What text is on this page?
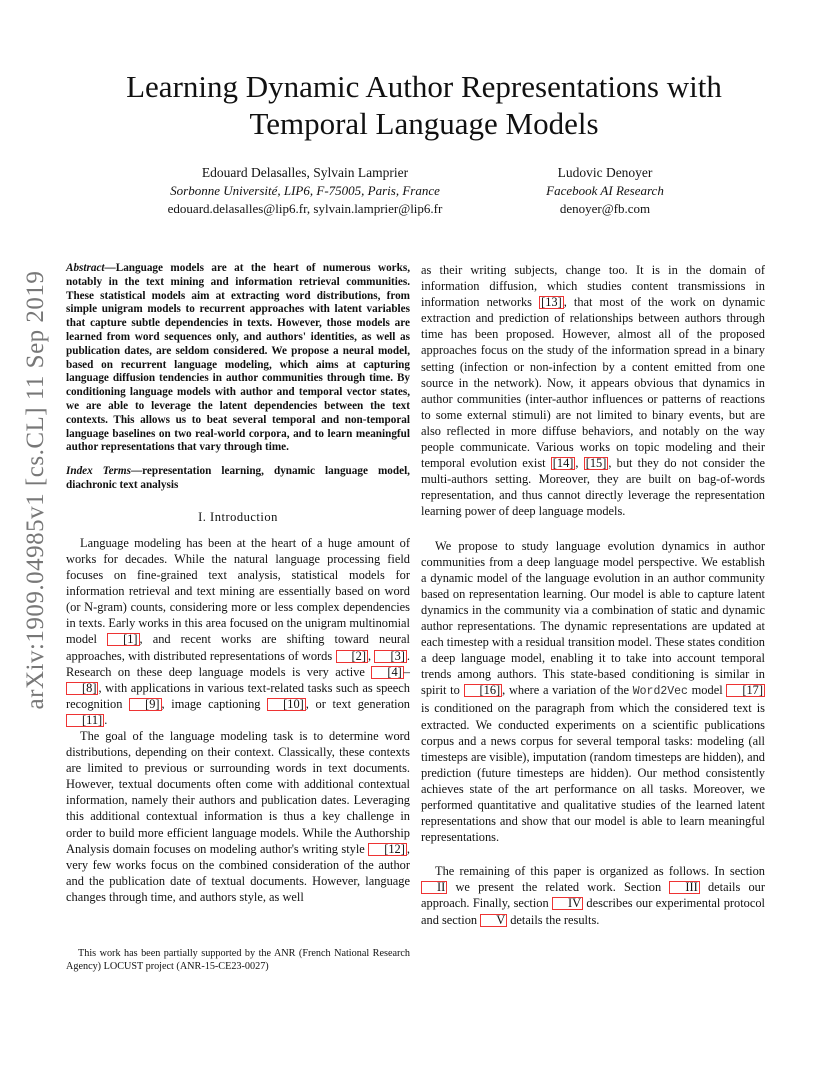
arXiv:1909.04985v1 [cs.CL] 11 Sep 2019
Learning Dynamic Author Representations with
Temporal Language Models
Edouard Delasalles, Sylvain Lamprier
Sorbonne Université, LIP6, F-75005, Paris, France
edouard.delasalles@lip6.fr, sylvain.lamprier@lip6.fr
Ludovic Denoyer
Facebook AI Research
denoyer@fb.com
Abstract—Language models are at the heart of numerous works, notably in the text mining and information retrieval communities. These statistical models aim at extracting word distributions, from simple unigram models to recurrent approaches with latent variables that capture subtle dependencies in texts. However, those models are learned from word sequences only, and authors' identities, as well as publication dates, are seldom considered. We propose a neural model, based on recurrent language modeling, which aims at capturing language diffusion tendencies in author communities through time. By conditioning language models with author and temporal vector states, we are able to leverage the latent dependencies between the text contexts. This allows us to beat several temporal and non-temporal language baselines on two real-world corpora, and to learn meaningful author representations that vary through time.
Index Terms—representation learning, dynamic language model, diachronic text analysis
I. Introduction

Language modeling has been at the heart of a huge amount of works for decades. While the natural language processing field focuses on fine-grained text analysis, statistical models for information retrieval and text mining are essentially based on word (or N-gram) counts, considering more or less complex dependencies in texts. Early works in this area focused on the unigram multinomial model [1] , and recent works are shifting toward neural approaches, with distributed representations of words [2] , [3] . Research on these deep language models is very active [4] –[8] , with applications in various text-related tasks such as speech recognition [9] , image captioning [10] , or text generation [11] .

The goal of the language modeling task is to determine word distributions, depending on their context. Classically, these contexts are limited to previous or surrounding words in text documents. However, textual documents often come with additional contextual information, namely their authors and publication dates. Leveraging this additional contextual information is thus a key challenge in order to build more efficient language models. While the Authorship Analysis domain focuses on modeling author's writing style [12] , very few works focus on the combined consideration of the author and the publication date of textual documents. However, language changes through time, and authors style, as well

This work has been partially supported by the ANR (French National Research Agency) LOCUST project (ANR-15-CE23-0027)

as their writing subjects, change too. It is in the domain of information diffusion, which studies content transmissions in information networks [13] , that most of the work on dynamic extraction and prediction of relationships between authors through time has been proposed. However, almost all of the proposed approaches focus on the study of the information spread in a binary setting (infection or non-infection by a content emitted from one source in the network). Now, it appears obvious that dynamics in author communities (inter-author influences or patterns of reactions to some external stimuli) are not limited to binary events, but are also reflected in more diffuse behaviors, and notably on the way people communicate. Various works on topic modeling and their temporal evolution exist [14] , [15] , but they do not consider the multi-authors setting. Moreover, they are built on bag-of-words representation, and thus cannot directly leverage the representation learning power of deep language models.

We propose to study language evolution dynamics in author communities from a deep language model perspective. We establish a dynamic model of the language evolution in an author community based on representation learning. Our model is able to capture latent dynamics in the community via a combination of static and dynamic author representations. The dynamic representations are updated at each timestep with a residual transition model. These states condition a deep language model, enabling it to take into account temporal trends among authors. This state-based conditioning is similar in spirit to [16] , where a variation of the Word2Vec model [17] is conditioned on the paragraph from which the considered text is extracted. We conducted experiments on a scientific publications corpus and a news corpus for several temporal tasks: modeling (all timesteps are visible), imputation (random timesteps are hidden), and prediction (future timesteps are hidden). Our method consistently achieves state of the art performance on all tasks. Moreover, we performed quantitative and qualitative studies of the learned latent representations and show that our model is able to learn meaningful representations.

The remaining of this paper is organized as follows. In section II we present the related work. Section III details our approach. Finally, section IV describes our experimental protocol and section V details the results.
